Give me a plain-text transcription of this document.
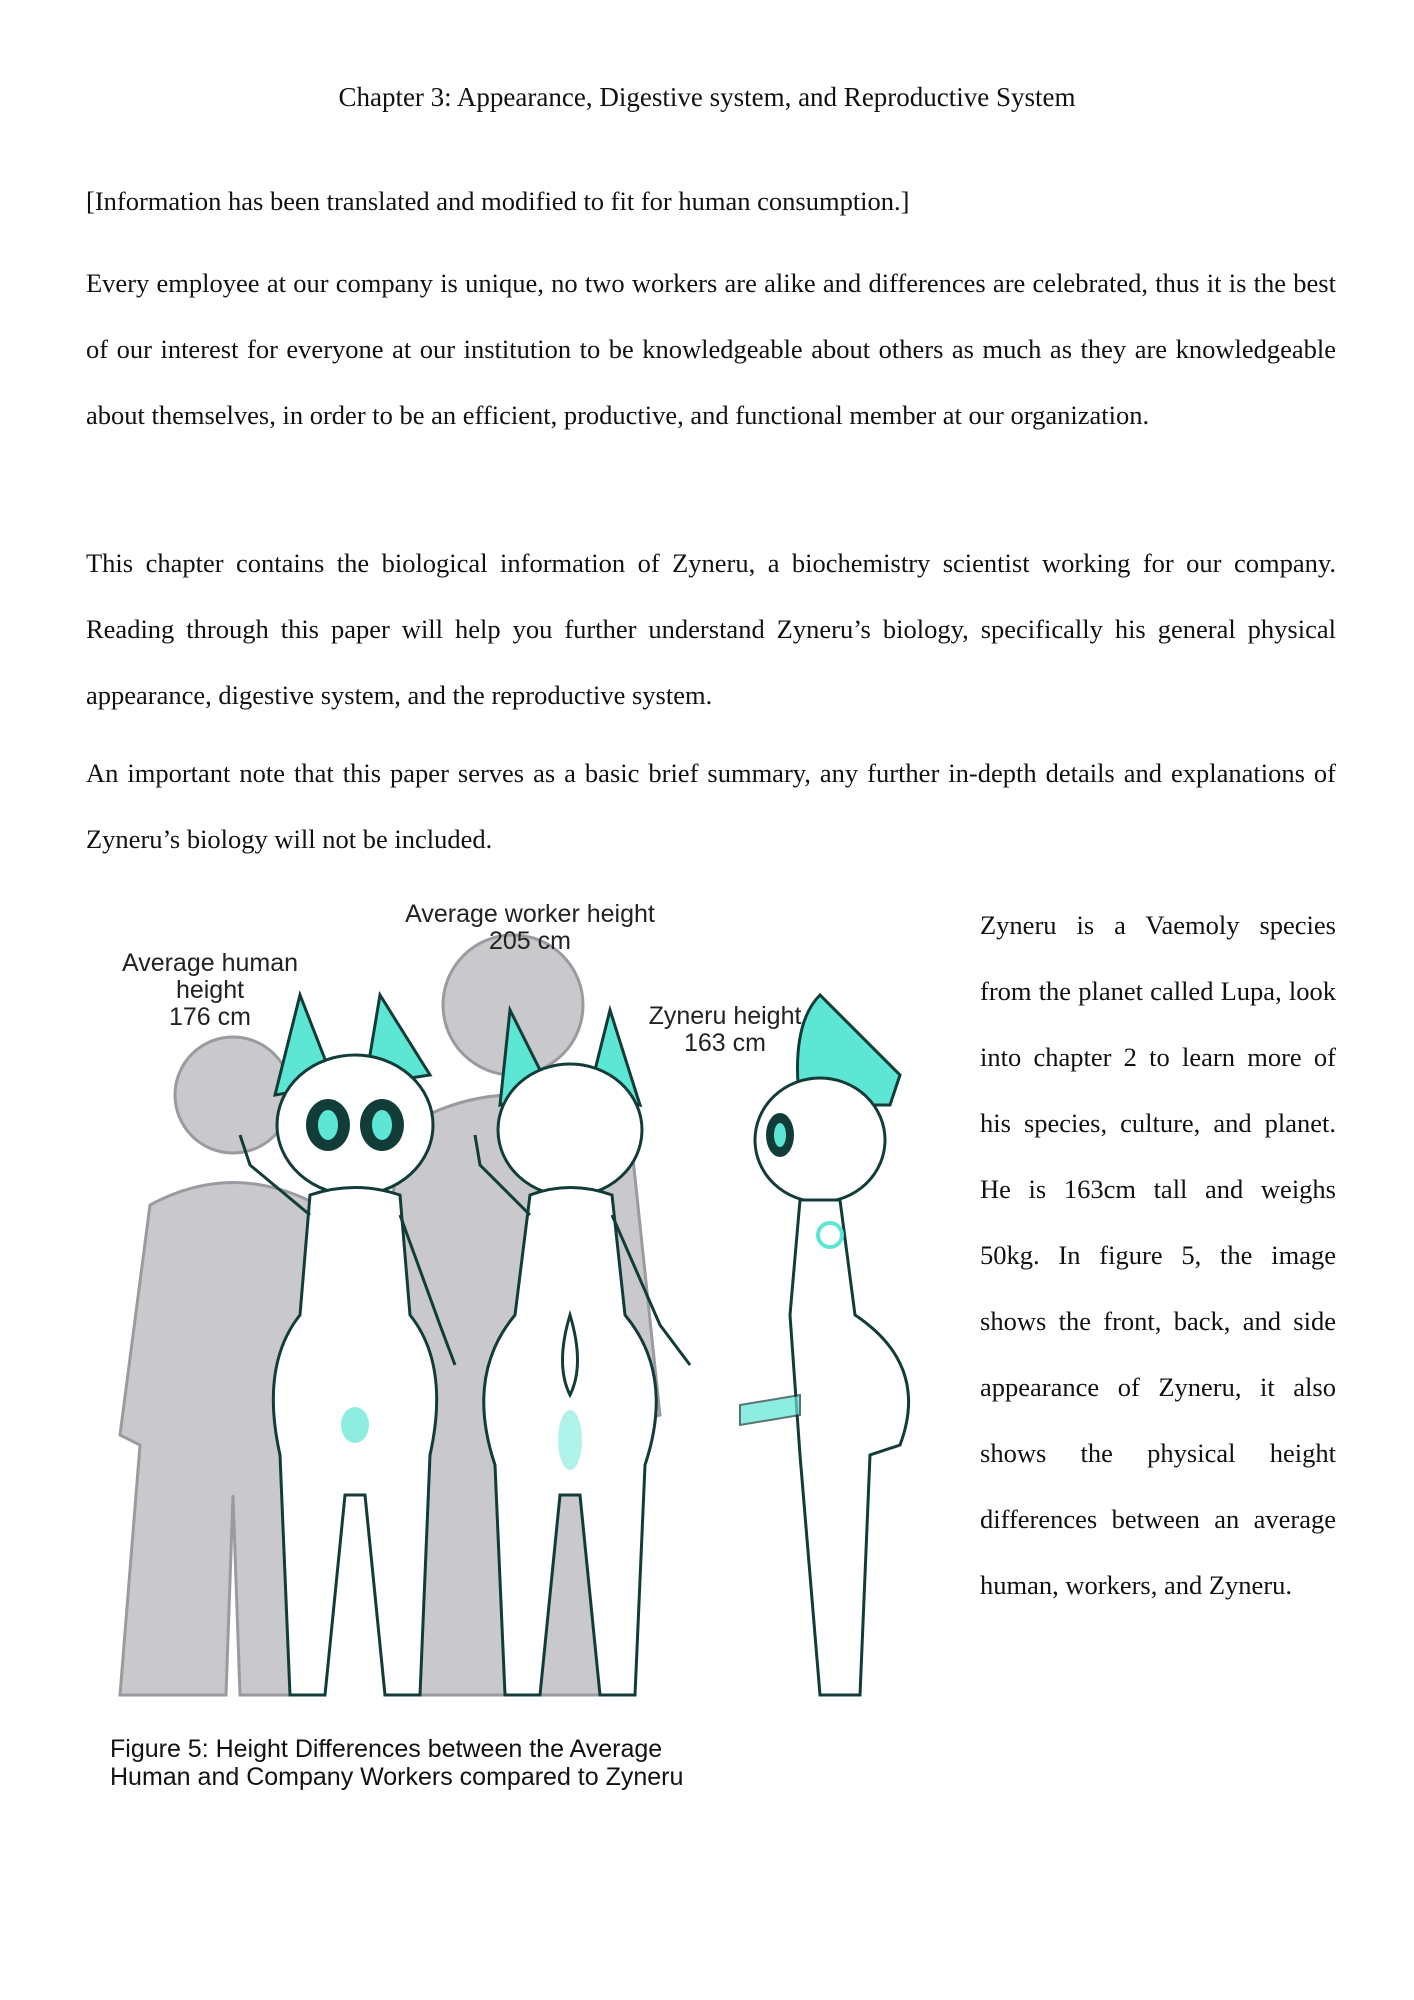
Chapter 3: Appearance, Digestive system, and Reproductive System

[Information has been translated and modified to fit for human consumption.]

Every employee at our company is unique, no two workers are alike and differences are celebrated, thus it is the best of our interest for everyone at our institution to be knowledgeable about others as much as they are knowledgeable about themselves, in order to be an efficient, productive, and functional member at our organization.

This chapter contains the biological information of Zyneru, a biochemistry scientist working for our company. Reading through this paper will help you further understand Zyneru’s biology, specifically his general physical appearance, digestive system, and the reproductive system.

An important note that this paper serves as a basic brief summary, any further in-depth details and explanations of Zyneru’s biology will not be included.

Average human
height
176 cm
Average worker height
205 cm
Zyneru height
163 cm
Figure 5: Height Differences between the Average
Human and Company Workers compared to Zyneru

Zyneru is a Vaemoly species from the planet called Lupa, look into chapter 2 to learn more of his species, culture, and planet. He is 163cm tall and weighs 50kg. In figure 5, the image shows the front, back, and side appearance of Zyneru, it also shows the physical height differences between an average human, workers, and Zyneru.
